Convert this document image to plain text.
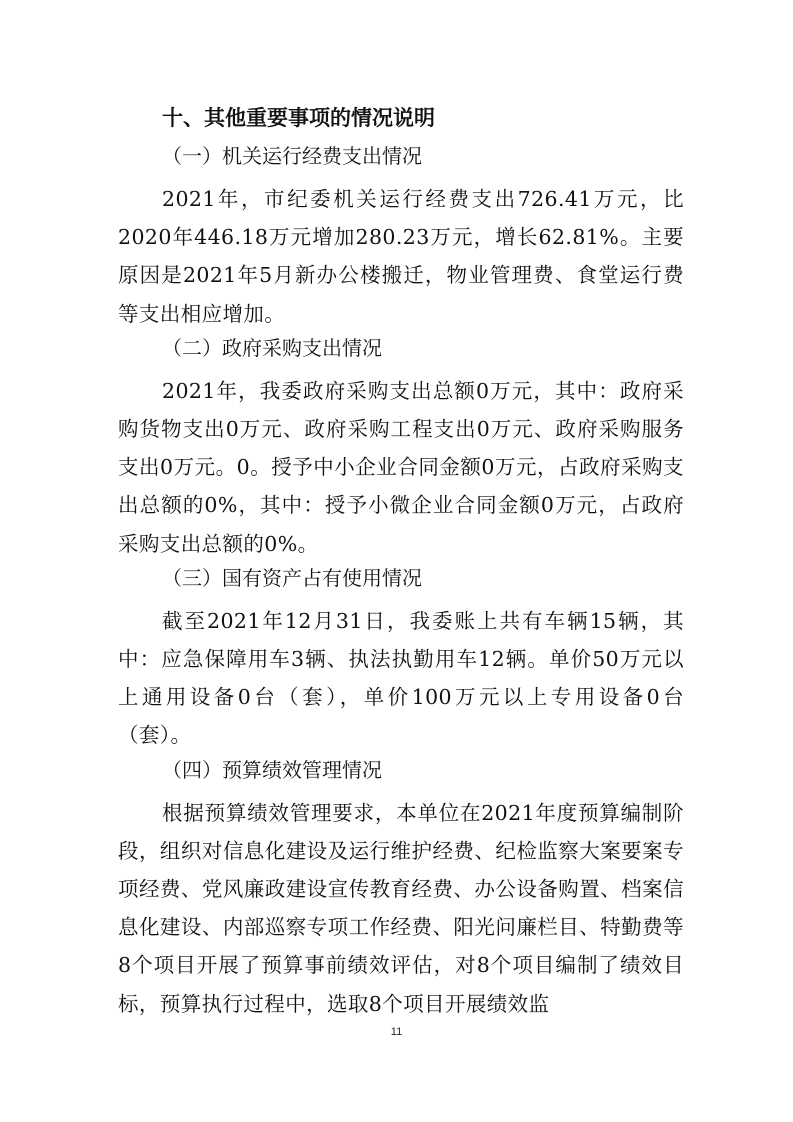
十、其他重要事项的情况说明
（一）机关运行经费支出情况
2021年，市纪委机关运行经费支出726.41万元，比2020年446.18万元增加280.23万元，增长62.81%。主要原因是2021年5月新办公楼搬迁，物业管理费、食堂运行费等支出相应增加。
（二）政府采购支出情况
2021年，我委政府采购支出总额0万元，其中：政府采购货物支出0万元、政府采购工程支出0万元、政府采购服务支出0万元。0。授予中小企业合同金额0万元，占政府采购支出总额的0%，其中：授予小微企业合同金额0万元，占政府采购支出总额的0%。
（三）国有资产占有使用情况
截至2021年12月31日，我委账上共有车辆15辆，其中：应急保障用车3辆、执法执勤用车12辆。单价50万元以上通用设备0台（套），单价100万元以上专用设备0台（套）。
（四）预算绩效管理情况
根据预算绩效管理要求，本单位在2021年度预算编制阶段，组织对信息化建设及运行维护经费、纪检监察大案要案专项经费、党风廉政建设宣传教育经费、办公设备购置、档案信息化建设、内部巡察专项工作经费、阳光问廉栏目、特勤费等8个项目开展了预算事前绩效评估，对8个项目编制了绩效目标，预算执行过程中，选取8个项目开展绩效监
11
